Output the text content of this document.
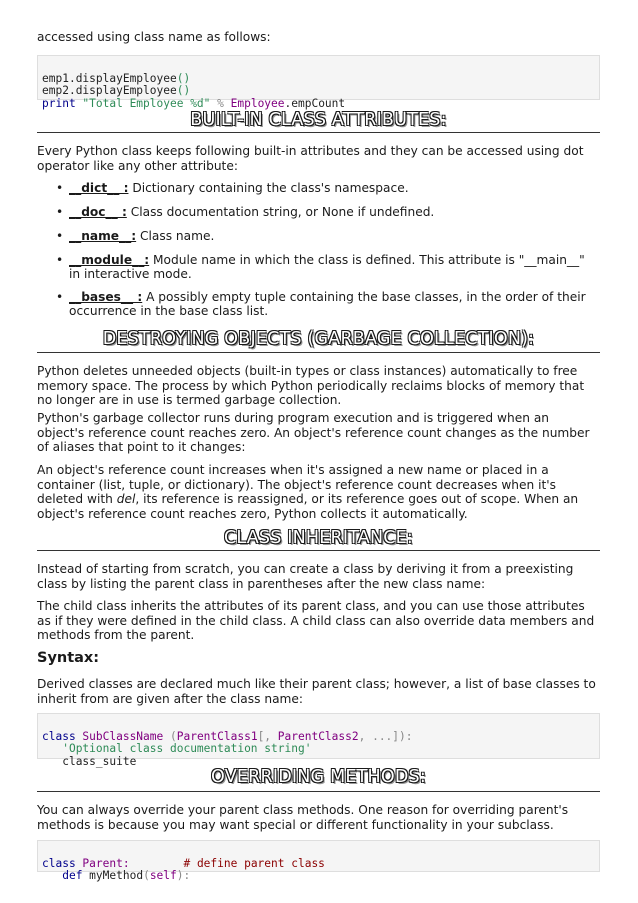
accessed using class name as follows:

emp1.displayEmployee()
emp2.displayEmployee()
print "Total Employee %d" % Employee.empCount
BUILT-IN CLASS ATTRIBUTES:

Every Python class keeps following built-in attributes and they can be accessed using dot operator like any other attribute:

• __dict__ : Dictionary containing the class's namespace.
• __doc__ : Class documentation string, or None if undefined.
• __name__: Class name.
• __module__: Module name in which the class is defined. This attribute is "__main__" in interactive mode.
• __bases__ : A possibly empty tuple containing the base classes, in the order of their occurrence in the base class list.
DESTROYING OBJECTS (GARBAGE COLLECTION):

Python deletes unneeded objects (built-in types or class instances) automatically to free memory space. The process by which Python periodically reclaims blocks of memory that no longer are in use is termed garbage collection.

Python's garbage collector runs during program execution and is triggered when an object's reference count reaches zero. An object's reference count changes as the number of aliases that point to it changes:

An object's reference count increases when it's assigned a new name or placed in a container (list, tuple, or dictionary). The object's reference count decreases when it's deleted with del, its reference is reassigned, or its reference goes out of scope. When an object's reference count reaches zero, Python collects it automatically.

CLASS INHERITANCE:

Instead of starting from scratch, you can create a class by deriving it from a preexisting class by listing the parent class in parentheses after the new class name:

The child class inherits the attributes of its parent class, and you can use those attributes as if they were defined in the child class. A child class can also override data members and methods from the parent.

Syntax:

Derived classes are declared much like their parent class; however, a list of base classes to inherit from are given after the class name:

class SubClassName (ParentClass1[, ParentClass2, ...]):
'Optional class documentation string'
class_suite
OVERRIDING METHODS:

You can always override your parent class methods. One reason for overriding parent's methods is because you may want special or different functionality in your subclass.

class Parent:	# define parent class
def myMethod(self):
